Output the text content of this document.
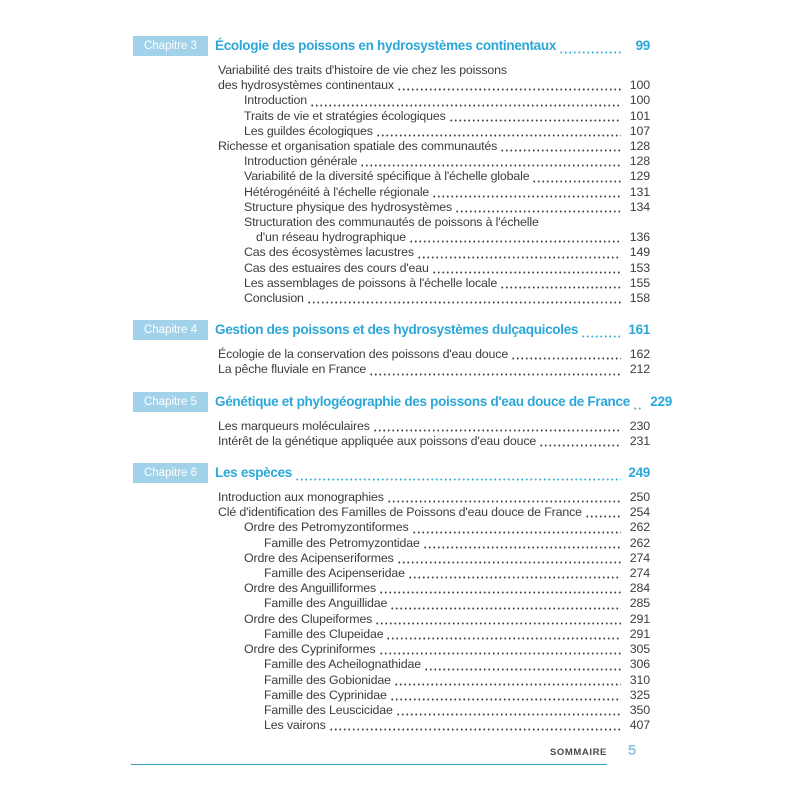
Chapitre 3	Écologie des poissons en hydrosystèmes continentaux	99
Variabilité des traits d'histoire de vie chez les poissons
des hydrosystèmes continentaux	100
Introduction	100
Traits de vie et stratégies écologiques	101
Les guildes écologiques	107
Richesse et organisation spatiale des communautés	128
Introduction générale	128
Variabilité de la diversité spécifique à l'échelle globale	129
Hétérogénéité à l'échelle régionale	131
Structure physique des hydrosystèmes	134
Structuration des communautés de poissons à l'échelle
d'un réseau hydrographique	136
Cas des écosystèmes lacustres	149
Cas des estuaires des cours d'eau	153
Les assemblages de poissons à l'échelle locale	155
Conclusion	158
Chapitre 4	Gestion des poissons et des hydrosystèmes dulçaquicoles	161
Écologie de la conservation des poissons d'eau douce	162
La pêche fluviale en France	212
Chapitre 5	Génétique et phylogéographie des poissons d'eau douce de France	229
Les marqueurs moléculaires	230
Intérêt de la génétique appliquée aux poissons d'eau douce	231
Chapitre 6	Les espèces	249
Introduction aux monographies	250
Clé d'identification des Familles de Poissons d'eau douce de France	254
Ordre des Petromyzontiformes	262
Famille des Petromyzontidae	262
Ordre des Acipenseriformes	274
Famille des Acipenseridae	274
Ordre des Anguilliformes	284
Famille des Anguillidae	285
Ordre des Clupeiformes	291
Famille des Clupeidae	291
Ordre des Cypriniformes	305
Famille des Acheilognathidae	306
Famille des Gobionidae	310
Famille des Cyprinidae	325
Famille des Leuscicidae	350
Les vairons	407
SOMMAIRE	5
